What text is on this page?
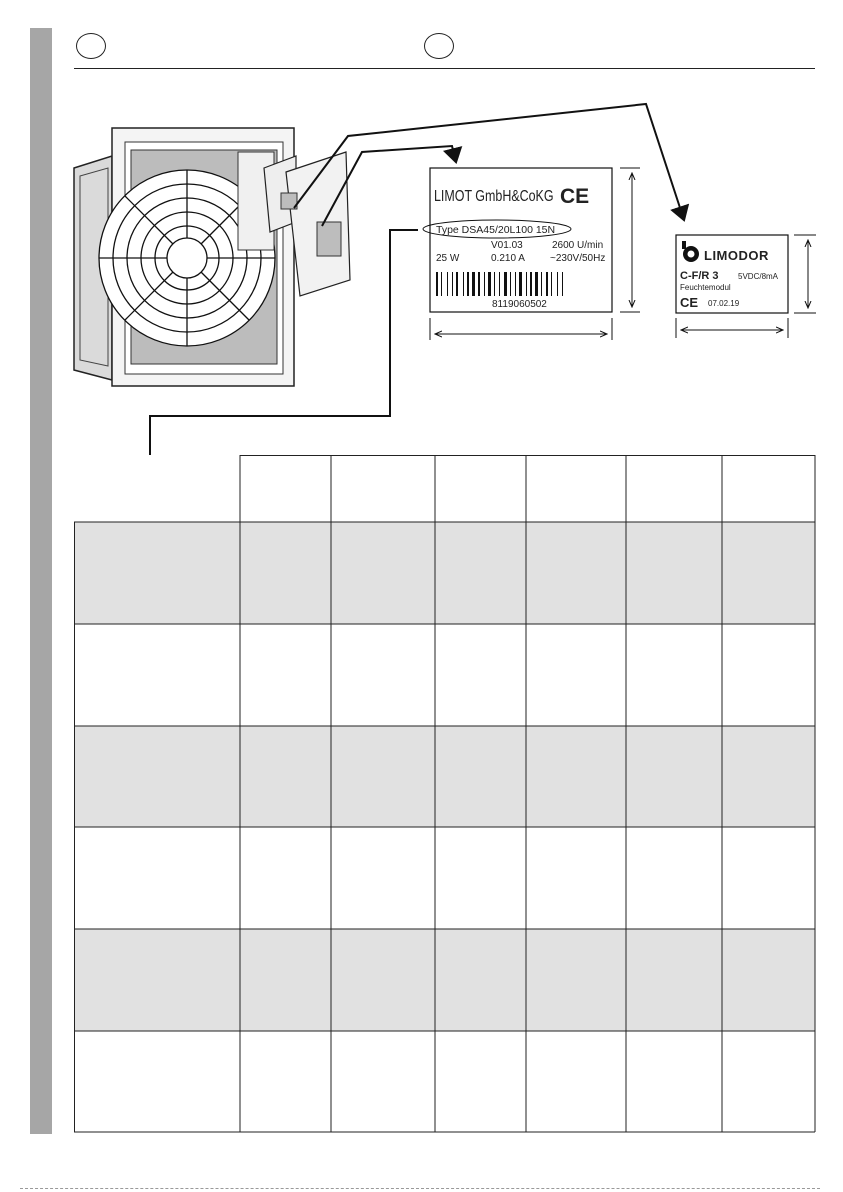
LIMOT GmbH&CoKG CE
Type DSA45/20L100 15N
V01.03	2600 U/min
25 W	0.210 A	~230V/50Hz
8119060502
LIMODOR
C-F/R 3 5VDC/8mA
Feuchtemodul
CE 07.02.19
